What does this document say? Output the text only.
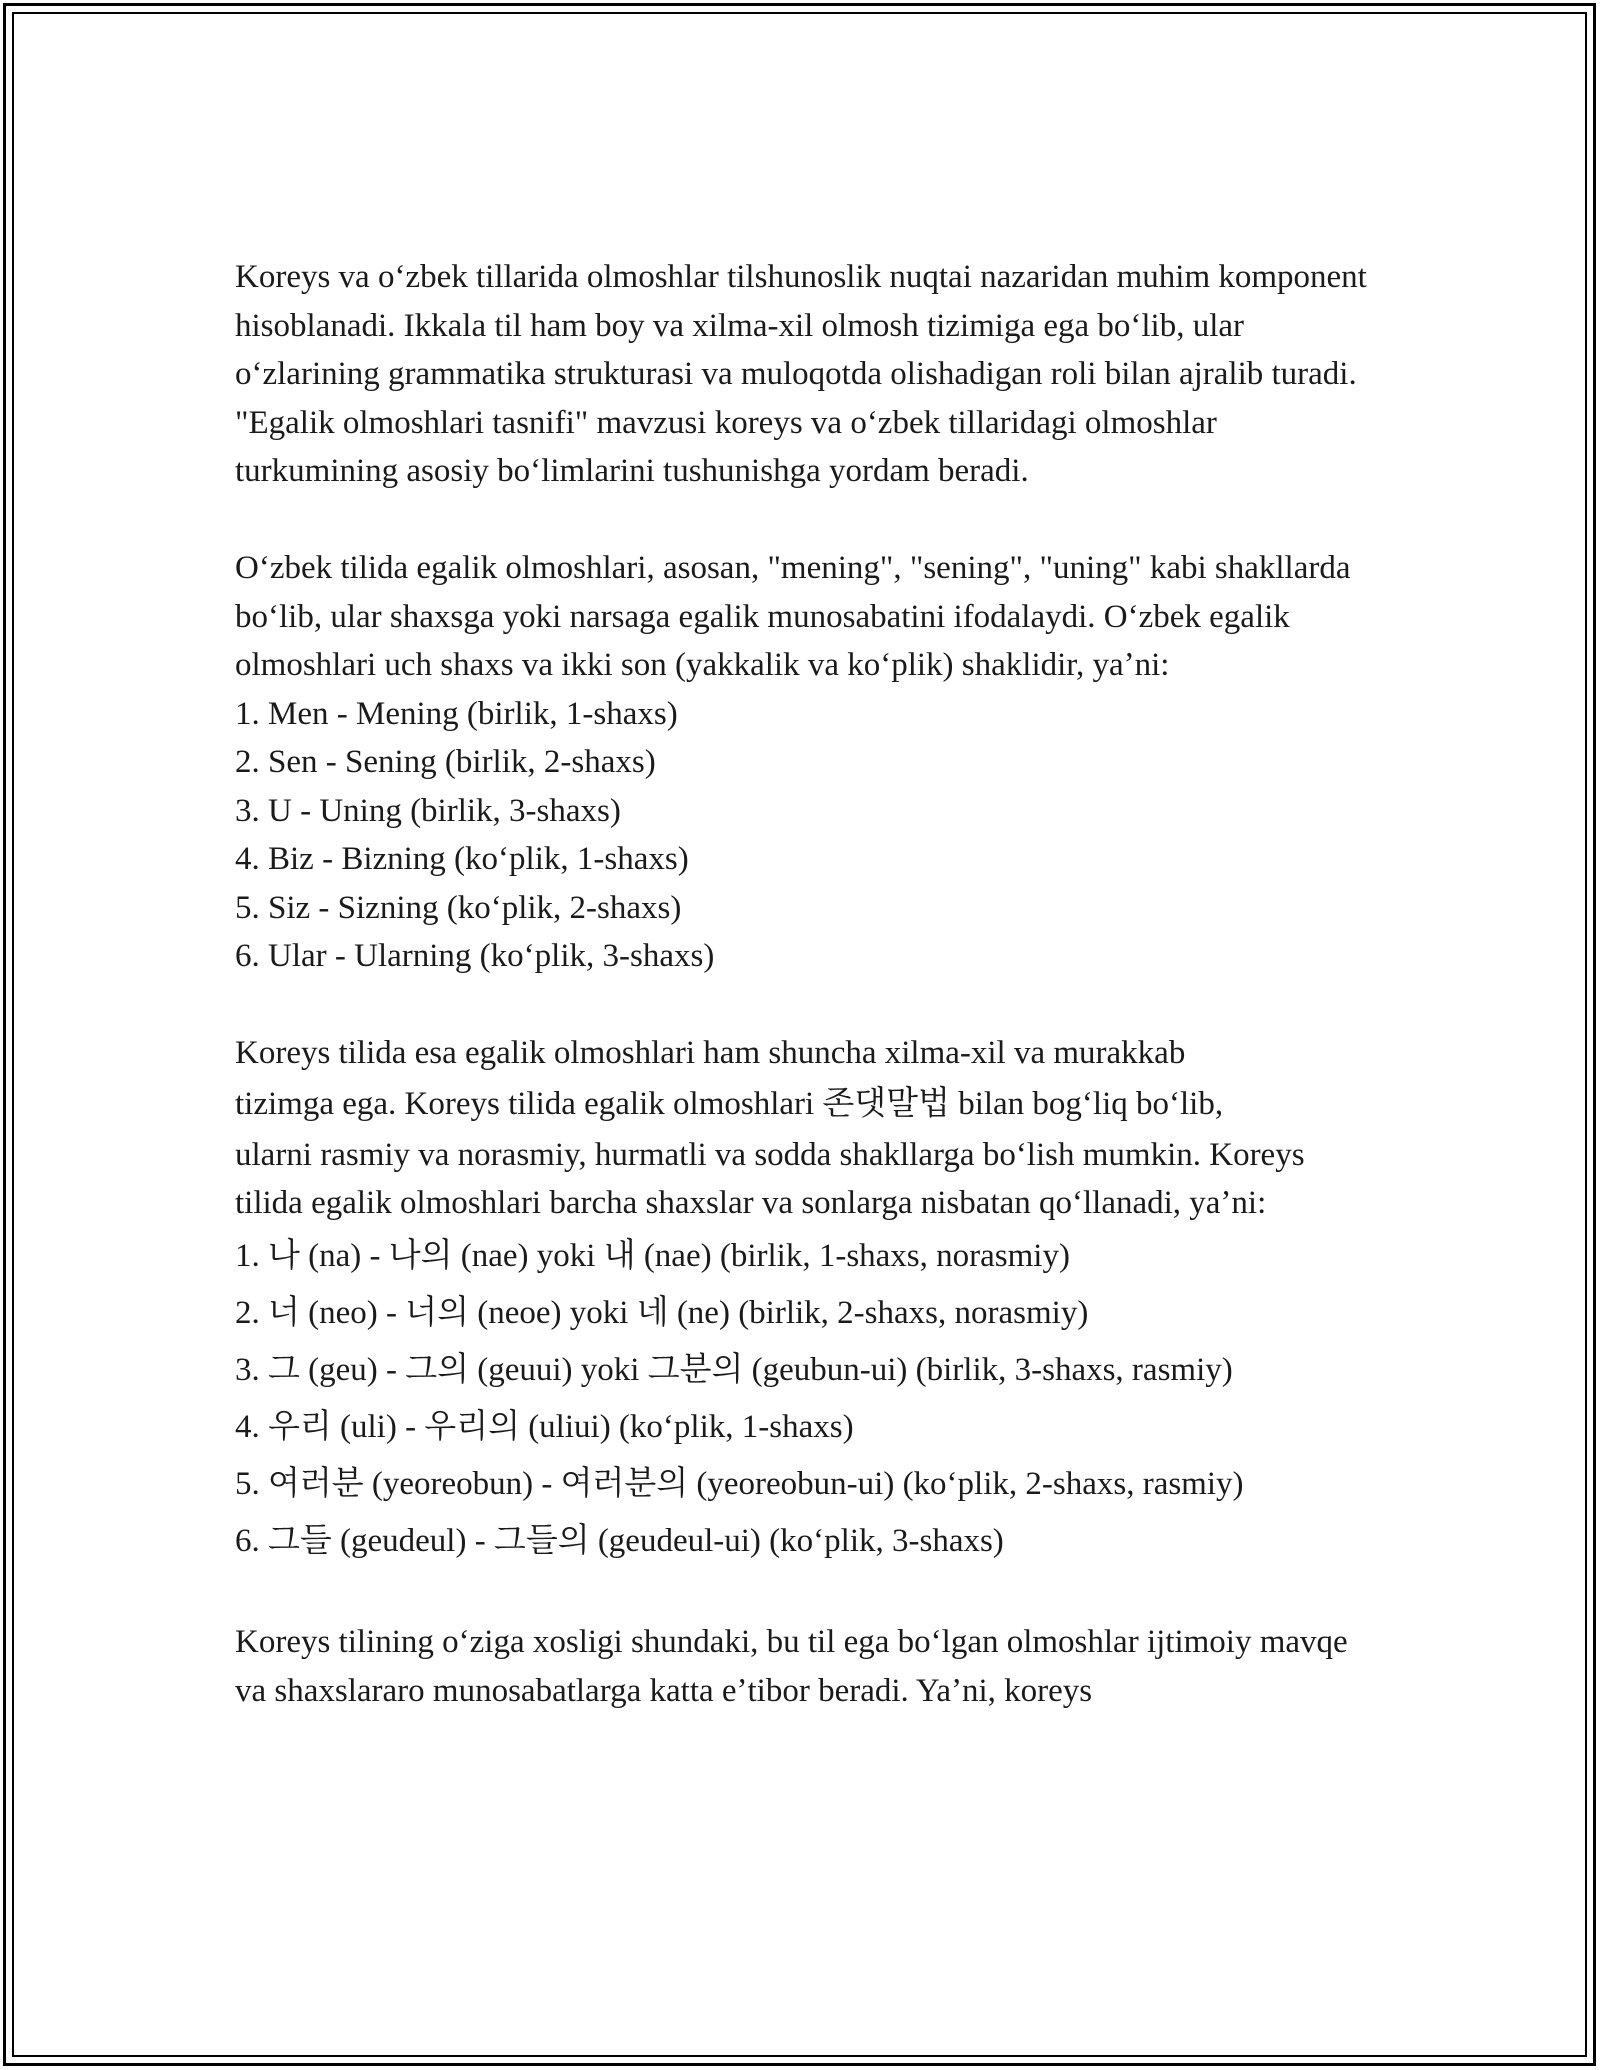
Koreys va oʻzbek tillarida olmoshlar tilshunoslik nuqtai nazaridan muhim komponent hisoblanadi. Ikkala til ham boy va xilma-xil olmosh tizimiga ega boʻlib, ular oʻzlarining grammatika strukturasi va muloqotda olishadigan roli bilan ajralib turadi. "Egalik olmoshlari tasnifi" mavzusi koreys va oʻzbek tillaridagi olmoshlar turkumining asosiy boʻlimlarini tushunishga yordam beradi.

Oʻzbek tilida egalik olmoshlari, asosan, "mening", "sening", "uning" kabi shakllarda boʻlib, ular shaxsga yoki narsaga egalik munosabatini ifodalaydi. Oʻzbek egalik olmoshlari uch shaxs va ikki son (yakkalik va koʻplik) shaklidir, yaʼni:

1. Men - Mening (birlik, 1-shaxs)
2. Sen - Sening (birlik, 2-shaxs)
3. U - Uning (birlik, 3-shaxs)
4. Biz - Bizning (koʻplik, 1-shaxs)
5. Siz - Sizning (koʻplik, 2-shaxs)
6. Ular - Ularning (koʻplik, 3-shaxs)

Koreys tilida esa egalik olmoshlari ham shuncha xilma-xil va murakkab

tizimga ega. Koreys tilida egalik olmoshlari 존댓말법 bilan bogʻliq boʻlib,

ularni rasmiy va norasmiy, hurmatli va sodda shakllarga boʻlish mumkin. Koreys tilida egalik olmoshlari barcha shaxslar va sonlarga nisbatan qoʻllanadi, yaʼni:

1. 나 (na) - 나의 (nae) yoki 내 (nae) (birlik, 1-shaxs, norasmiy)
2. 너 (neo) - 너의 (neoe) yoki 네 (ne) (birlik, 2-shaxs, norasmiy)
3. 그 (geu) - 그의 (geuui) yoki 그분의 (geubun-ui) (birlik, 3-shaxs, rasmiy)
4. 우리 (uli) - 우리의 (uliui) (koʻplik, 1-shaxs)
5. 여러분 (yeoreobun) - 여러분의 (yeoreobun-ui) (koʻplik, 2-shaxs, rasmiy)
6. 그들 (geudeul) - 그들의 (geudeul-ui) (koʻplik, 3-shaxs)

Koreys tilining oʻziga xosligi shundaki, bu til ega boʻlgan olmoshlar ijtimoiy mavqe va shaxslararo munosabatlarga katta eʼtibor beradi. Yaʼni, koreys
